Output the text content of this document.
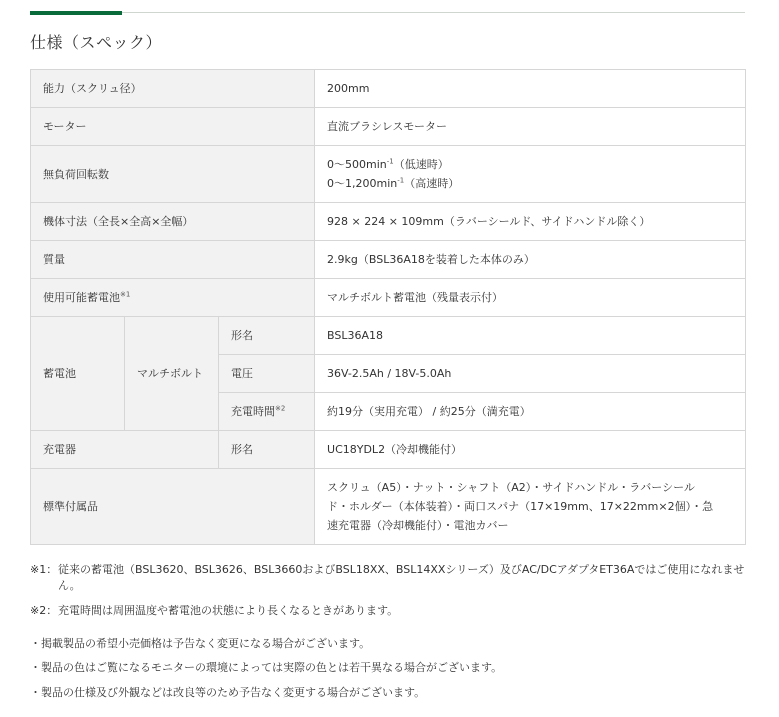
仕様（スペック）
能力（スクリュ径）			200mm
モーター			直流ブラシレスモーター
無負荷回転数			$0\sim 500\min^{-1}$（低速時）
$0\sim 1,200\min^{-1}$（高速時）

機体寸法（全長×全高×全幅）			928 × 224 × 109mm（ラバーシールド、サイドハンドル除く）
質量			2.9kg（BSL36A18を装着した本体のみ）
使用可能蓄電池$^{※1}$			マルチボルト蓄電池（残量表示付）
蓄電池	マルチボルト	形名	BSL36A18
		電圧	36V-2.5Ah / 18V-5.0Ah
		充電時間$^{※2}$	約19分（実用充電） / 約25分（満充電）
充電器		形名	UC18YDL2（冷却機能付）
標準付属品			スクリュ（A5）・ナット・シャフト（A2）・サイドハンドル・ラバーシール
ド・ホルダー（本体装着）・両口スパナ（17×19mm、17×22mm×2個）・急
速充電器（冷却機能付）・電池カバー
※1： 従来の蓄電池（BSL3620、BSL3626、BSL3660およびBSL18XX、BSL14XXシリーズ）及びAC/DCアダプタET36Aではご使用になれませ
ん。
※2： 充電時間は周囲温度や蓄電池の状態により長くなるときがあります。

・掲載製品の希望小売価格は予告なく変更になる場合がございます。

・製品の色はご覧になるモニターの環境によっては実際の色とは若干異なる場合がございます。

・製品の仕様及び外観などは改良等のため予告なく変更する場合がございます。
